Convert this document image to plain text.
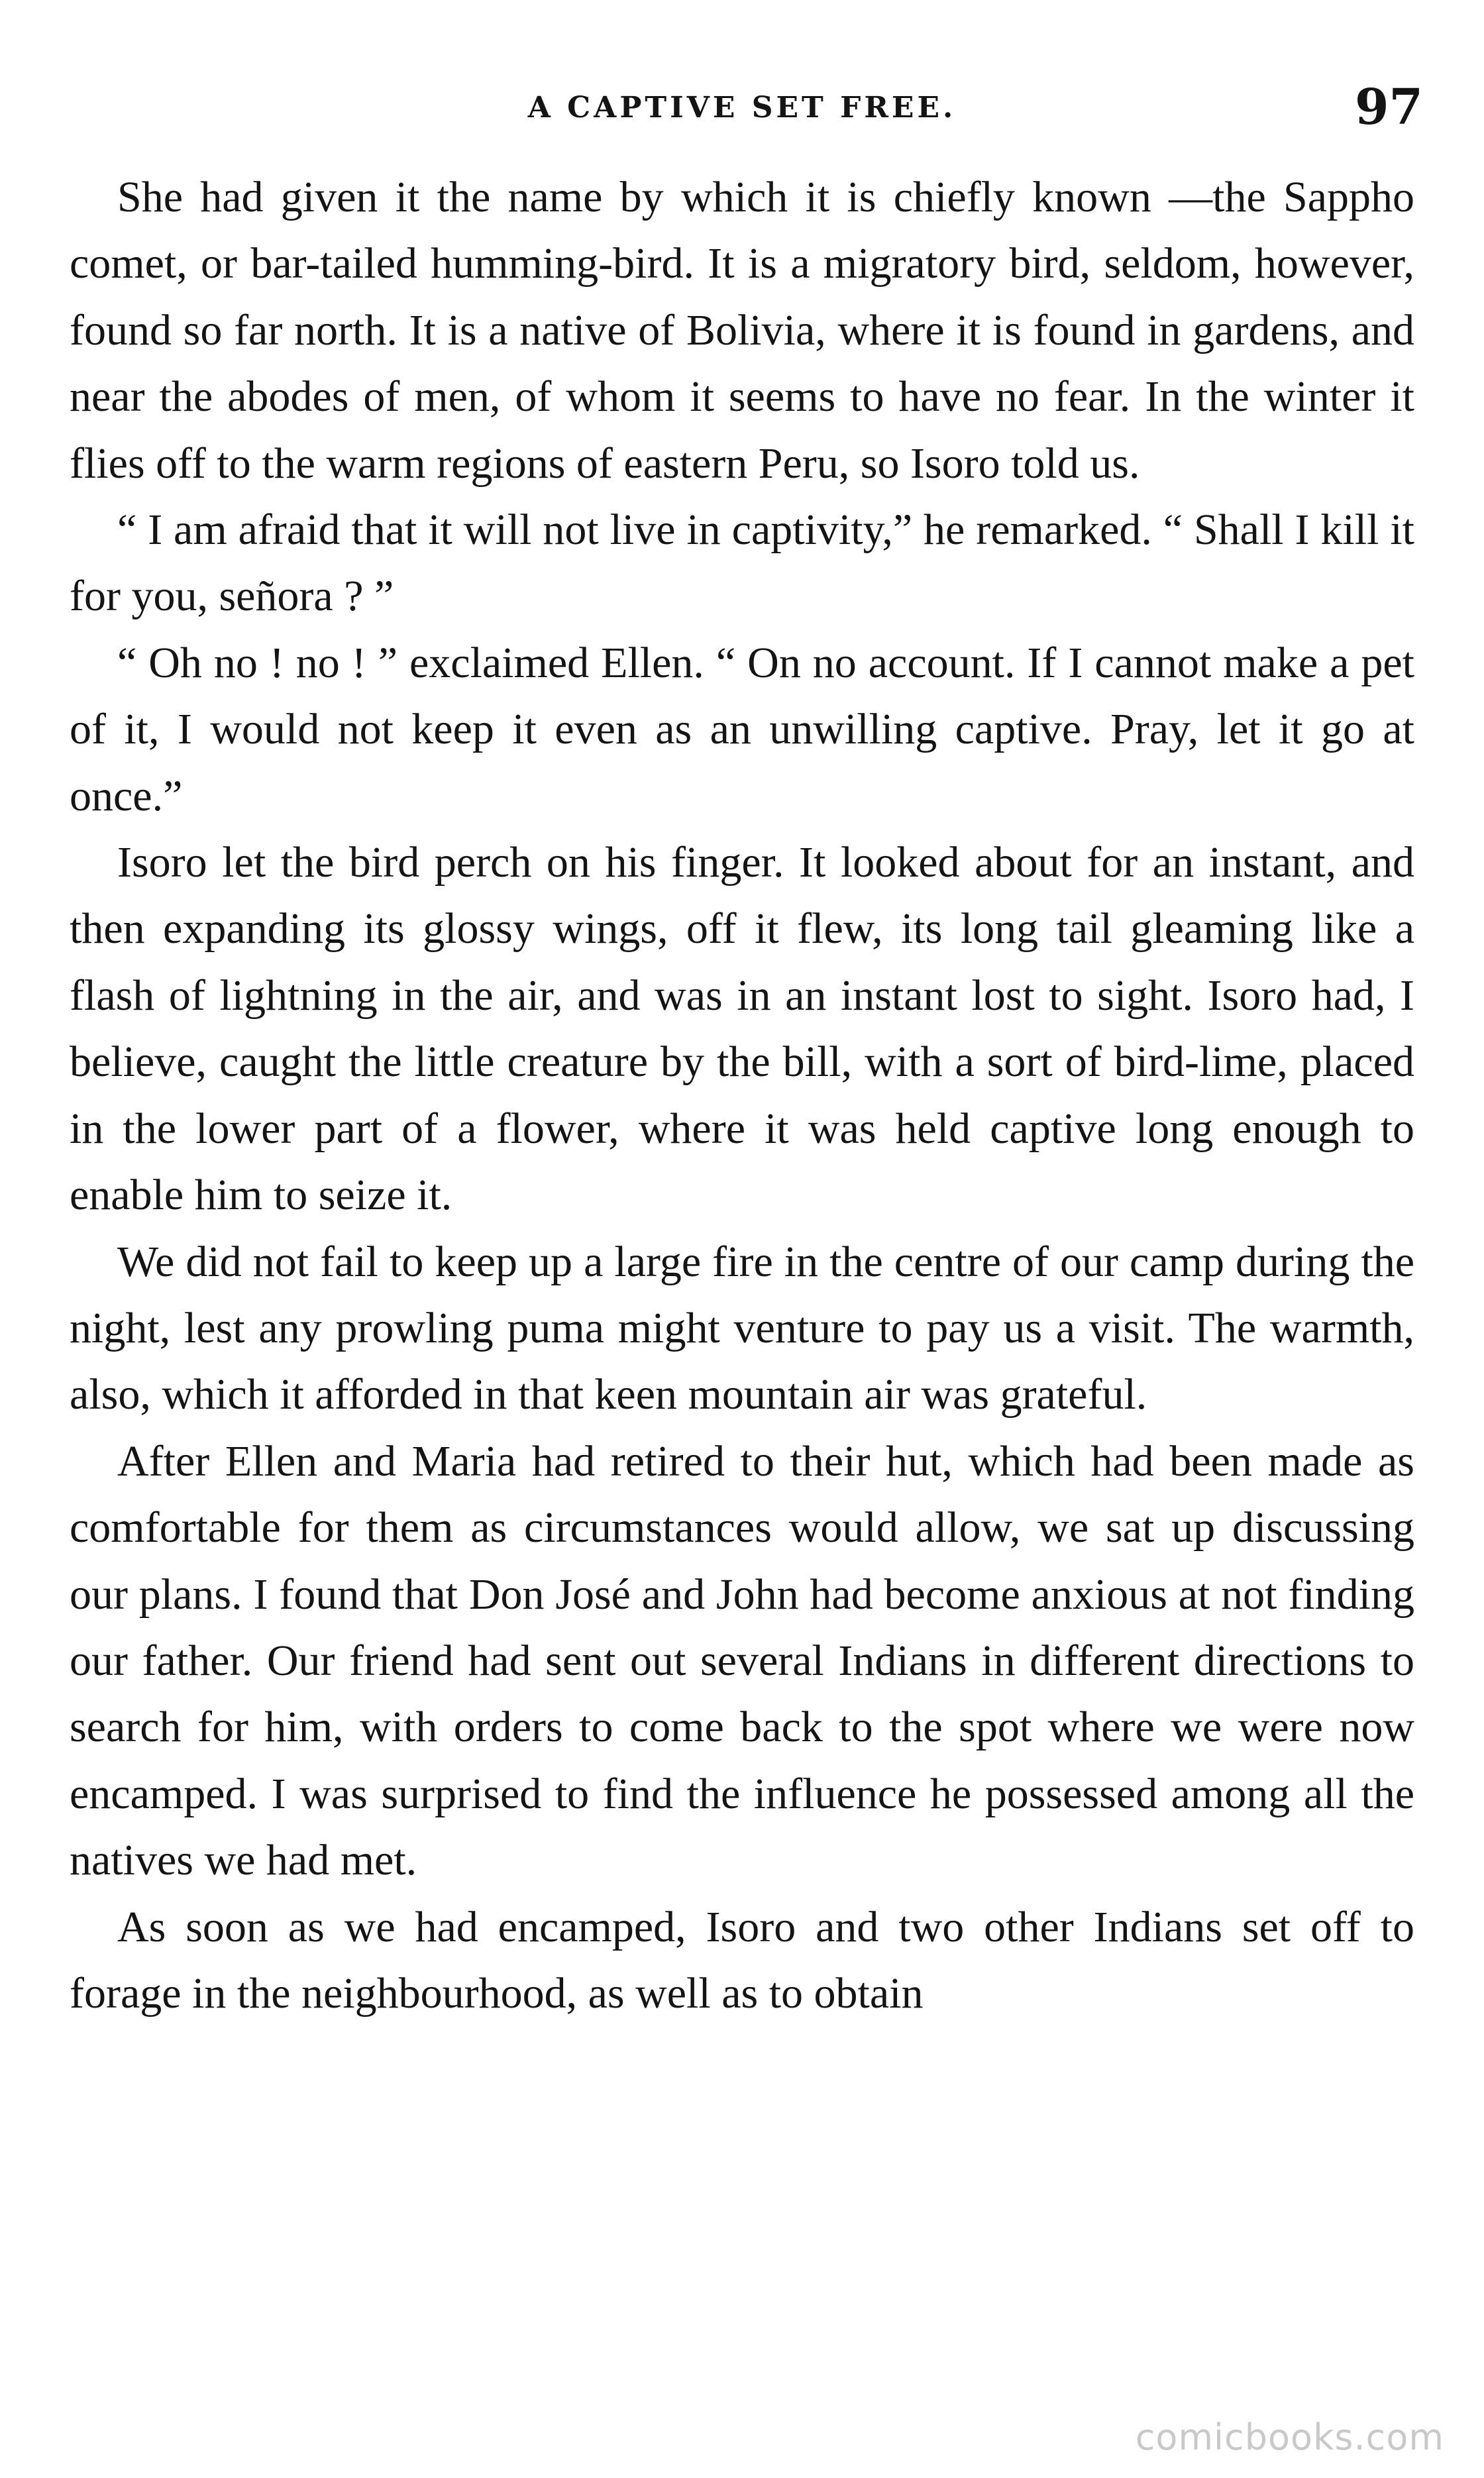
A CAPTIVE SET FREE.	97

She had given it the name by which it is chiefly known —the Sappho comet, or bar-tailed humming-bird. It is a migratory bird, seldom, however, found so far north. It is a native of Bolivia, where it is found in gardens, and near the abodes of men, of whom it seems to have no fear. In the winter it flies off to the warm regions of eastern Peru, so Isoro told us.

“ I am afraid that it will not live in captivity,” he remarked. “ Shall I kill it for you, señora ? ”

“ Oh no ! no ! ” exclaimed Ellen. “ On no account. If I cannot make a pet of it, I would not keep it even as an unwilling captive. Pray, let it go at once.”

Isoro let the bird perch on his finger. It looked about for an instant, and then expanding its glossy wings, off it flew, its long tail gleaming like a flash of lightning in the air, and was in an instant lost to sight. Isoro had, I believe, caught the little creature by the bill, with a sort of bird-lime, placed in the lower part of a flower, where it was held captive long enough to enable him to seize it.

We did not fail to keep up a large fire in the centre of our camp during the night, lest any prowling puma might venture to pay us a visit. The warmth, also, which it afforded in that keen mountain air was grateful.

After Ellen and Maria had retired to their hut, which had been made as comfortable for them as circumstances would allow, we sat up discussing our plans. I found that Don José and John had become anxious at not finding our father. Our friend had sent out several Indians in different directions to search for him, with orders to come back to the spot where we were now encamped. I was surprised to find the influence he possessed among all the natives we had met.

As soon as we had encamped, Isoro and two other Indians set off to forage in the neighbourhood, as well as to obtain

comicbooks.com
